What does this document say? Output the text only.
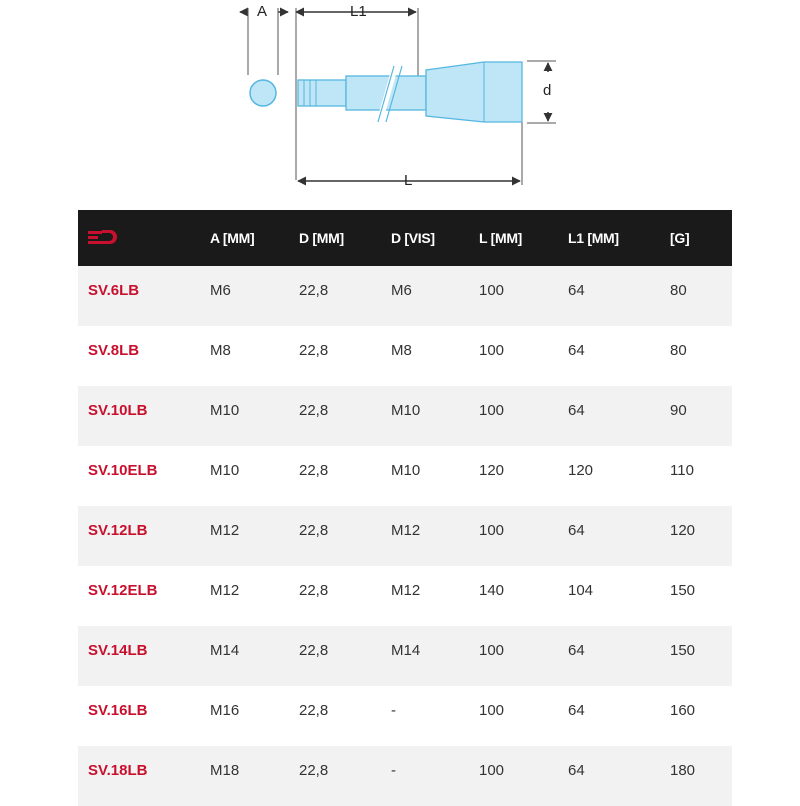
A	L1
d
L
	A [MM]	D [MM]	D [VIS]	L [MM]	L1 [MM]	[G]
SV.6LB	M6	22,8	M6	100	64	80
SV.8LB	M8	22,8	M8	100	64	80
SV.10LB	M10	22,8	M10	100	64	90
SV.10ELB	M10	22,8	M10	120	120	110
SV.12LB	M12	22,8	M12	100	64	120
SV.12ELB	M12	22,8	M12	140	104	150
SV.14LB	M14	22,8	M14	100	64	150
SV.16LB	M16	22,8	-	100	64	160
SV.18LB	M18	22,8	-	100	64	180
